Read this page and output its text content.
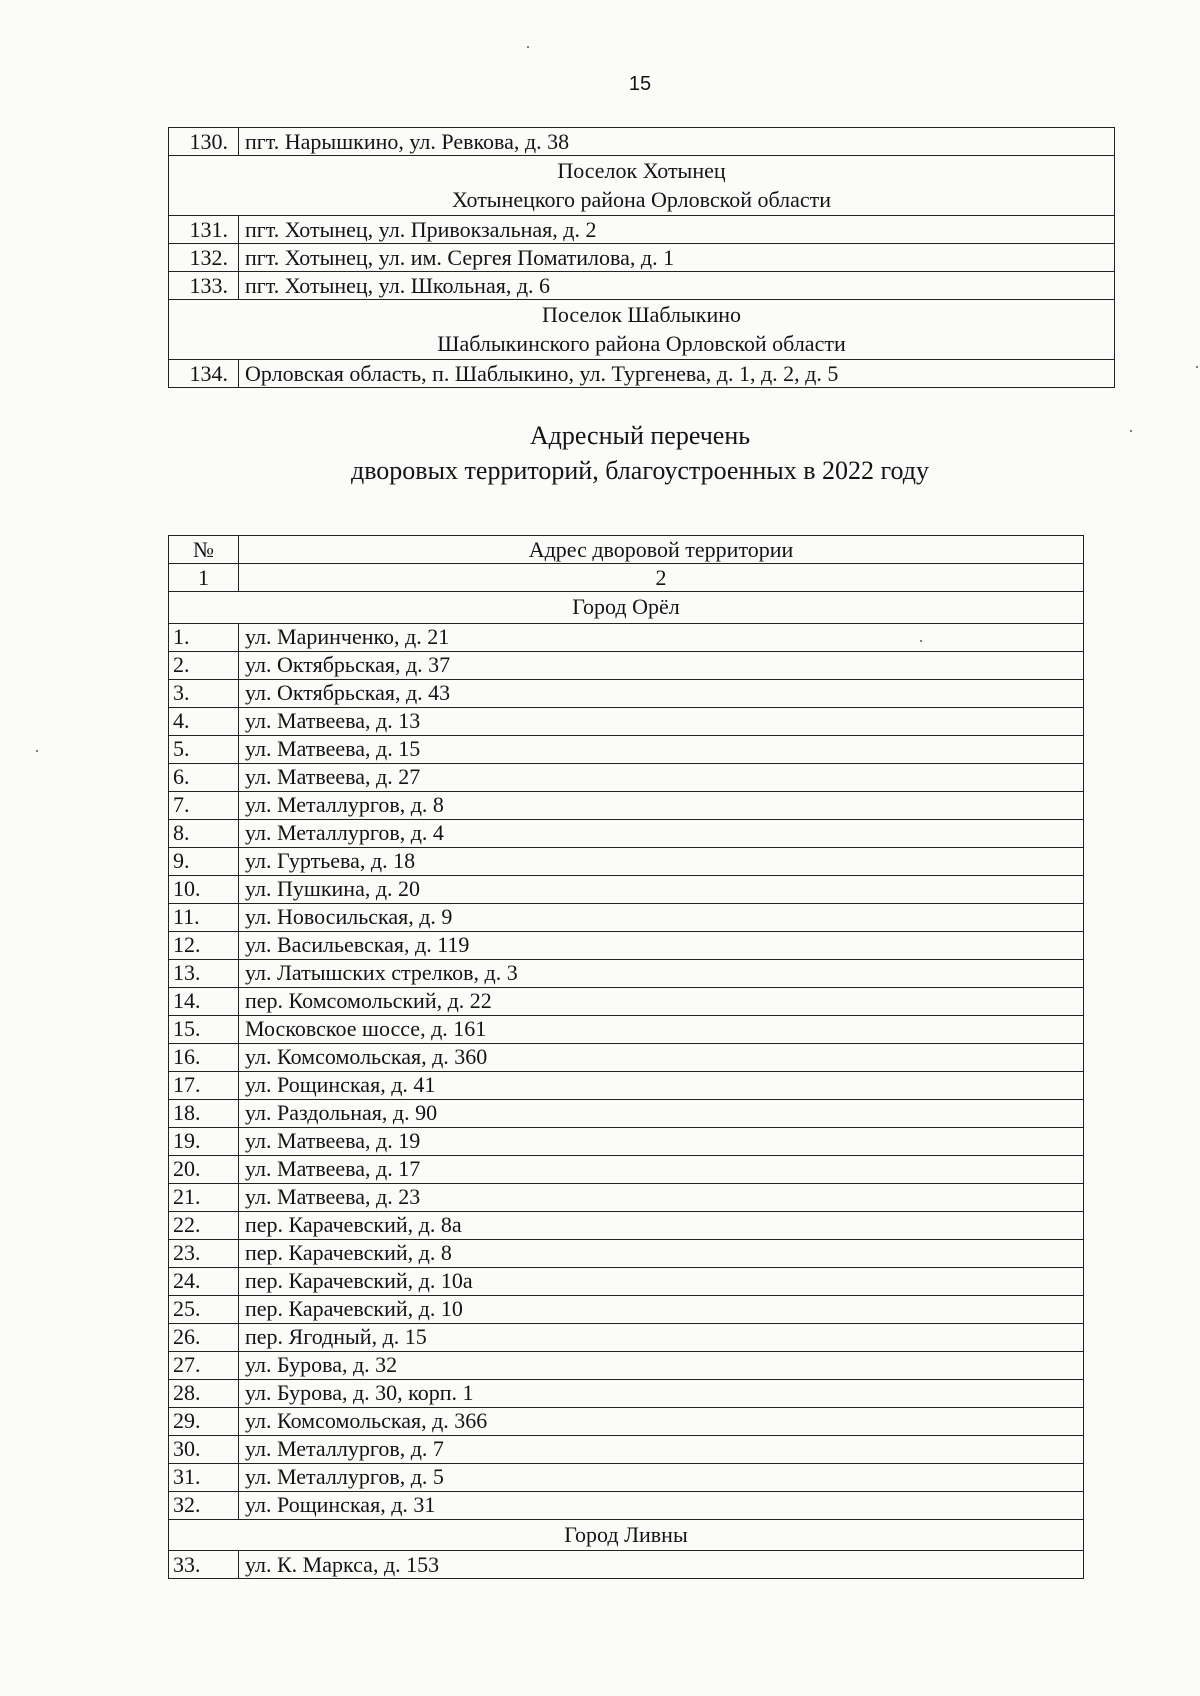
15
130.	пгт. Нарышкино, ул. Ревкова, д. 38

Поселок Хотынец
Хотынецкого района Орловской области	

131.	пгт. Хотынец, ул. Привокзальная, д. 2
132.	пгт. Хотынец, ул. им. Сергея Поматилова, д. 1
133.	пгт. Хотынец, ул. Школьная, д. 6

Поселок Шаблыкино
Шаблыкинского района Орловской области	

134.	Орловская область, п. Шаблыкино, ул. Тургенева, д. 1, д. 2, д. 5
Адресный перечень
дворовых территорий, благоустроенных в 2022 году
№	Адрес дворовой территории
1	2

Город Орёл	

1.	ул. Маринченко, д. 21
2.	ул. Октябрьская, д. 37
3.	ул. Октябрьская, д. 43
4.	ул. Матвеева, д. 13
5.	ул. Матвеева, д. 15
6.	ул. Матвеева, д. 27
7.	ул. Металлургов, д. 8
8.	ул. Металлургов, д. 4
9.	ул. Гуртьева, д. 18
10.	ул. Пушкина, д. 20
11.	ул. Новосильская, д. 9
12.	ул. Васильевская, д. 119
13.	ул. Латышских стрелков, д. 3
14.	пер. Комсомольский, д. 22
15.	Московское шоссе, д. 161
16.	ул. Комсомольская, д. 360
17.	ул. Рощинская, д. 41
18.	ул. Раздольная, д. 90
19.	ул. Матвеева, д. 19
20.	ул. Матвеева, д. 17
21.	ул. Матвеева, д. 23
22.	пер. Карачевский, д. 8а
23.	пер. Карачевский, д. 8
24.	пер. Карачевский, д. 10а
25.	пер. Карачевский, д. 10
26.	пер. Ягодный, д. 15
27.	ул. Бурова, д. 32
28.	ул. Бурова, д. 30, корп. 1
29.	ул. Комсомольская, д. 366
30.	ул. Металлургов, д. 7
31.	ул. Металлургов, д. 5
32.	ул. Рощинская, д. 31

Город Ливны	

33.	ул. К. Маркса, д. 153
